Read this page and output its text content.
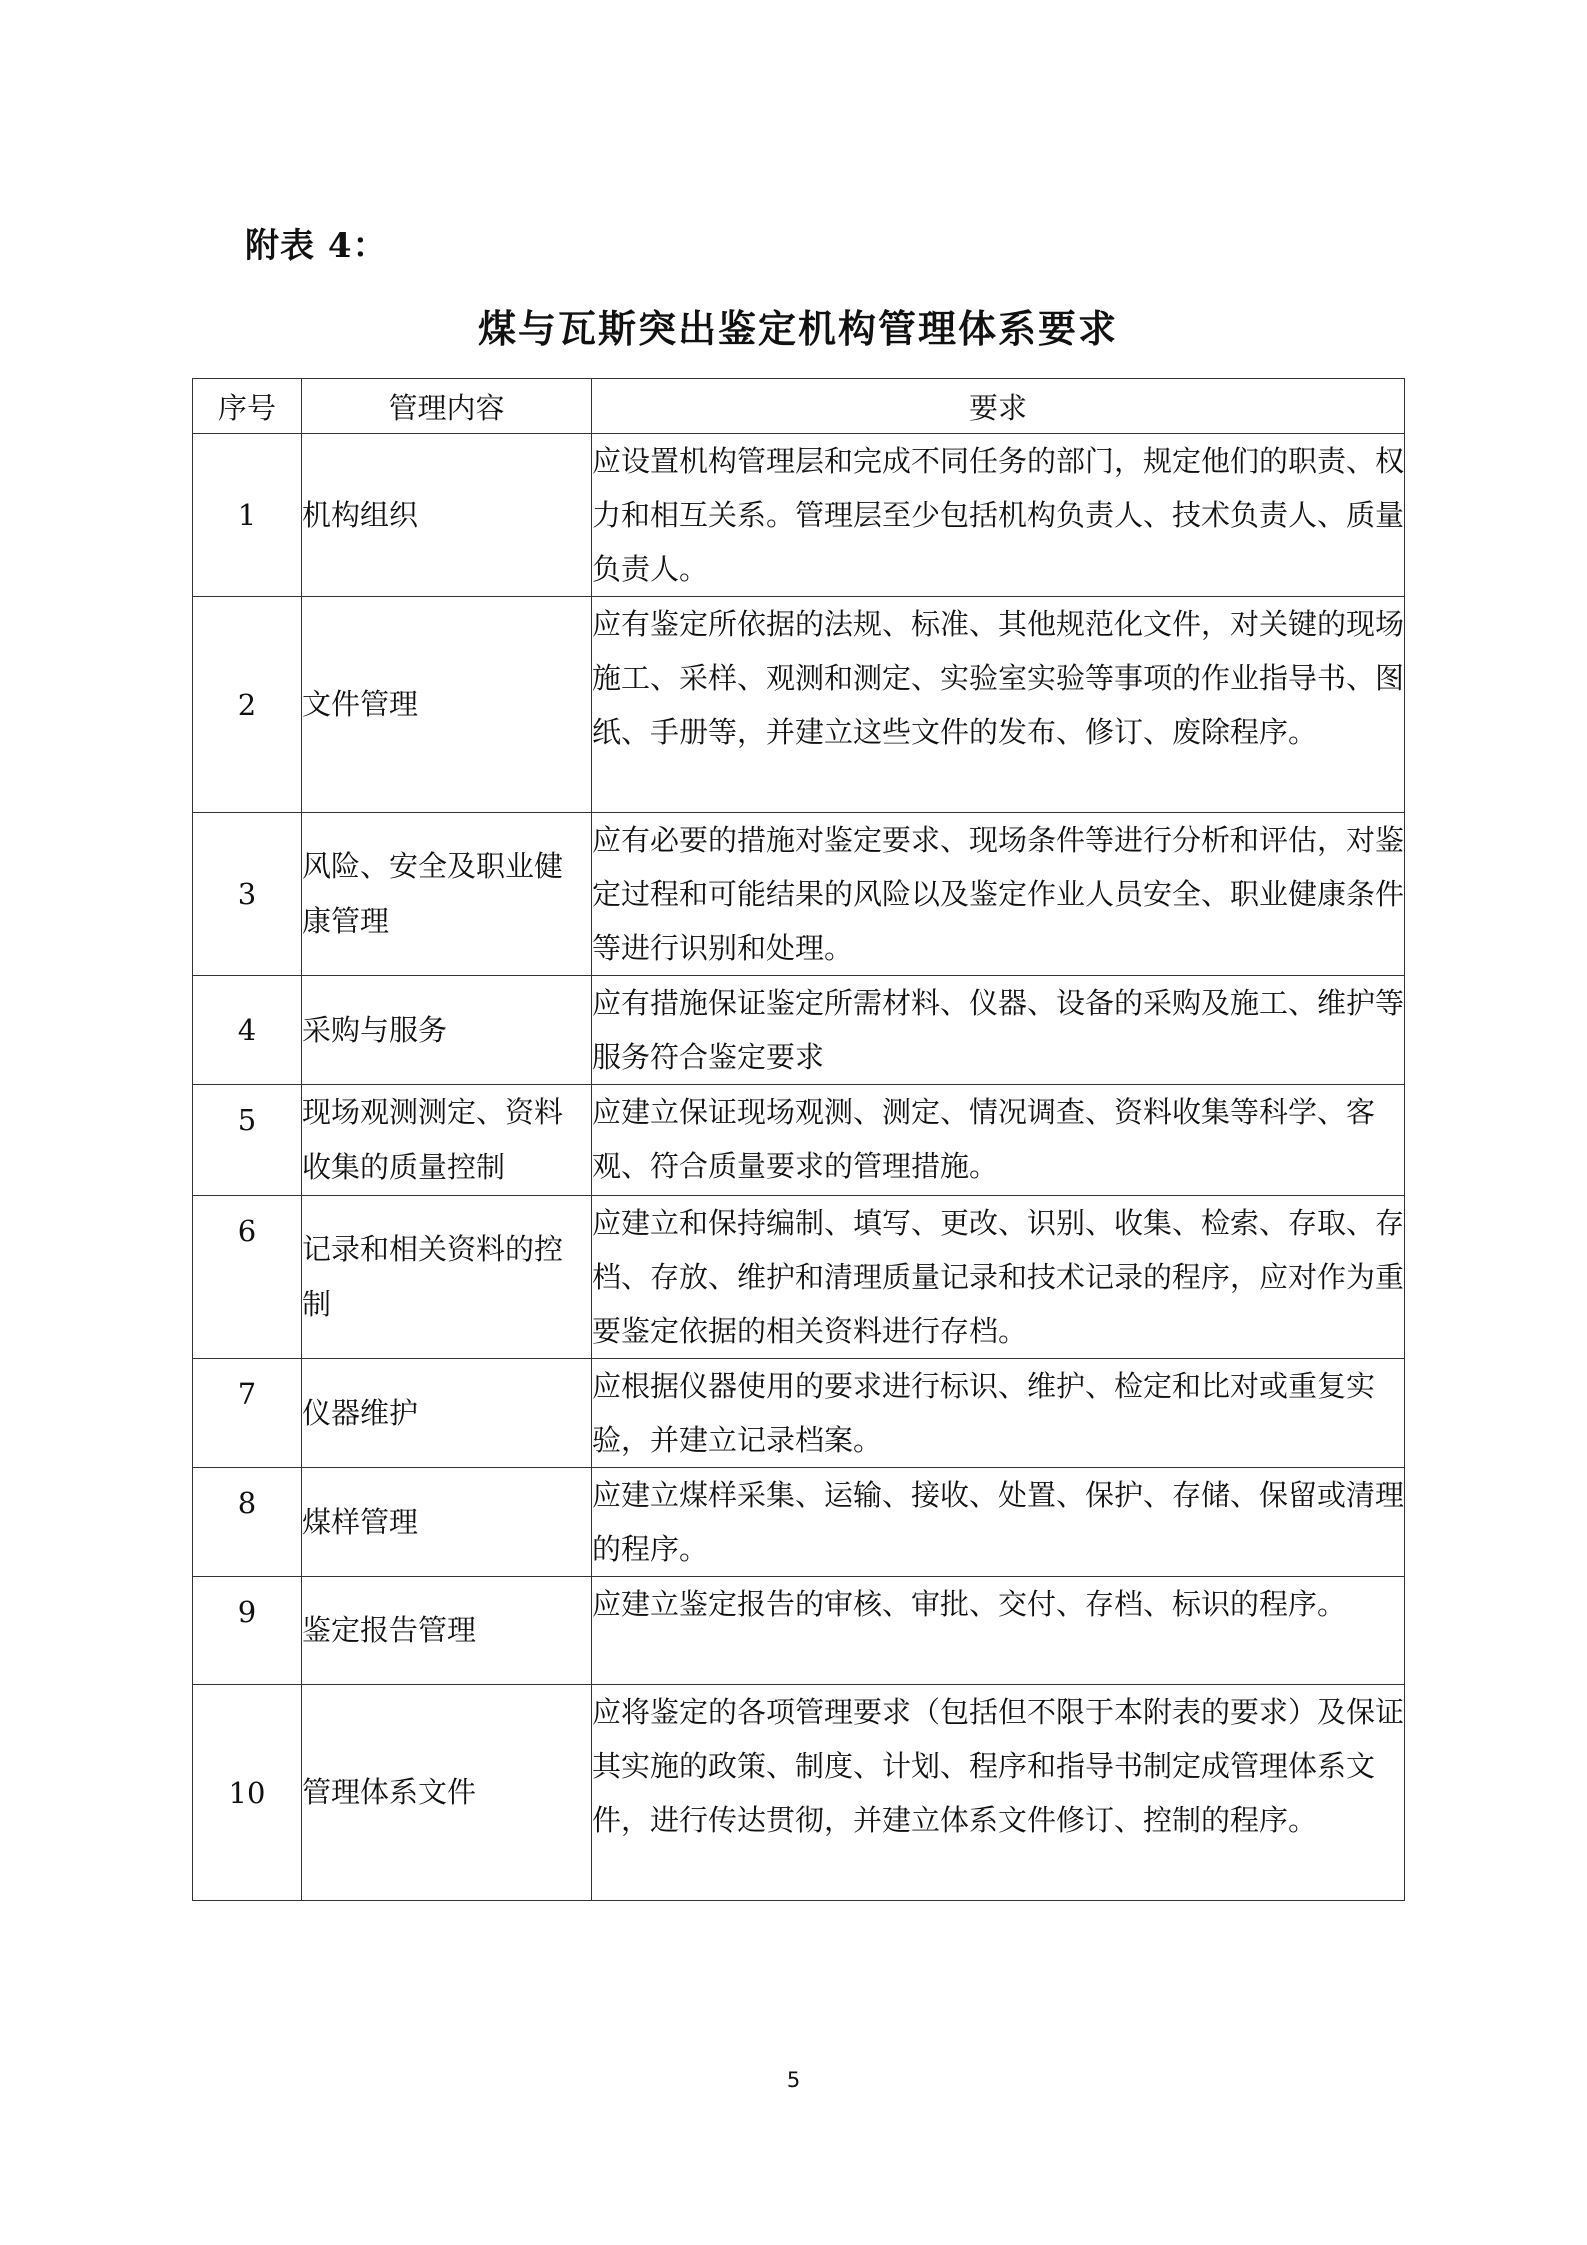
附表 4：
煤与瓦斯突出鉴定机构管理体系要求
序号	管理内容	要求
1	机构组织	应设置机构管理层和完成不同任务的部门，规定他们的职责、权力和相互关系。管理层至少包括机构负责人、技术负责人、质量负责人。
2	文件管理	应有鉴定所依据的法规、标准、其他规范化文件，对关键的现场施工、采样、观测和测定、实验室实验等事项的作业指导书、图纸、手册等，并建立这些文件的发布、修订、废除程序。
3	风险、安全及职业健康管理	应有必要的措施对鉴定要求、现场条件等进行分析和评估，对鉴定过程和可能结果的风险以及鉴定作业人员安全、职业健康条件等进行识别和处理。
4	采购与服务	应有措施保证鉴定所需材料、仪器、设备的采购及施工、维护等服务符合鉴定要求
5	现场观测测定、资料收集的质量控制	应建立保证现场观测、测定、情况调查、资料收集等科学、客观、符合质量要求的管理措施。
6	记录和相关资料的控制	应建立和保持编制、填写、更改、识别、收集、检索、存取、存档、存放、维护和清理质量记录和技术记录的程序，应对作为重要鉴定依据的相关资料进行存档。
7	仪器维护	应根据仪器使用的要求进行标识、维护、检定和比对或重复实验，并建立记录档案。
8	煤样管理	应建立煤样采集、运输、接收、处置、保护、存储、保留或清理的程序。
9	鉴定报告管理	应建立鉴定报告的审核、审批、交付、存档、标识的程序。
10	管理体系文件	应将鉴定的各项管理要求（包括但不限于本附表的要求）及保证其实施的政策、制度、计划、程序和指导书制定成管理体系文件，进行传达贯彻，并建立体系文件修订、控制的程序。
5
